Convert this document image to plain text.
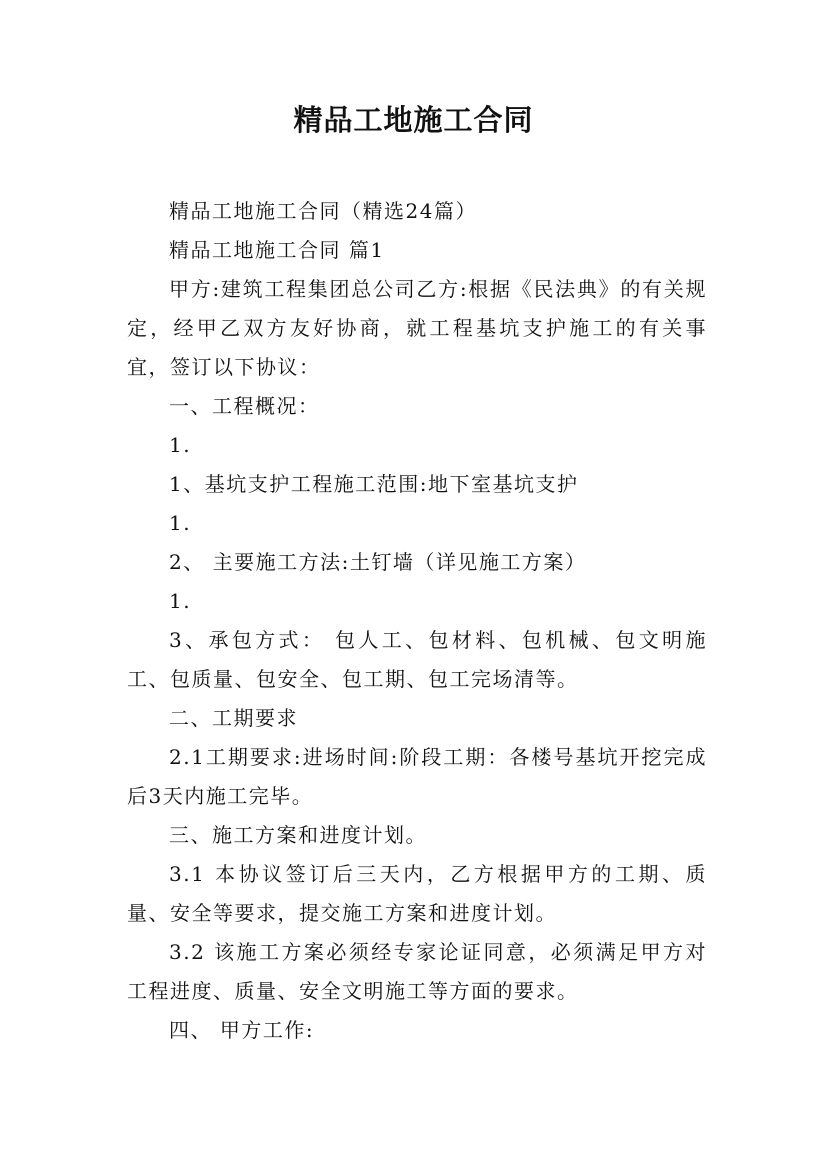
精品工地施工合同

精品工地施工合同（精选24篇）

精品工地施工合同 篇1

甲方:建筑工程集团总公司乙方:根据《民法典》的有关规定，经甲乙双方友好协商，就工程基坑支护施工的有关事宜，签订以下协议：

一、工程概况：

1.

1、基坑支护工程施工范围:地下室基坑支护

1.

2、 主要施工方法:土钉墙（详见施工方案）

1.

3、承包方式： 包人工、包材料、包机械、包文明施工、包质量、包安全、包工期、包工完场清等。

二、工期要求

2.1工期要求:进场时间:阶段工期：各楼号基坑开挖完成后3天内施工完毕。

三、施工方案和进度计划。

3.1 本协议签订后三天内，乙方根据甲方的工期、质量、安全等要求，提交施工方案和进度计划。

3.2 该施工方案必须经专家论证同意，必须满足甲方对工程进度、质量、安全文明施工等方面的要求。

四、 甲方工作:
